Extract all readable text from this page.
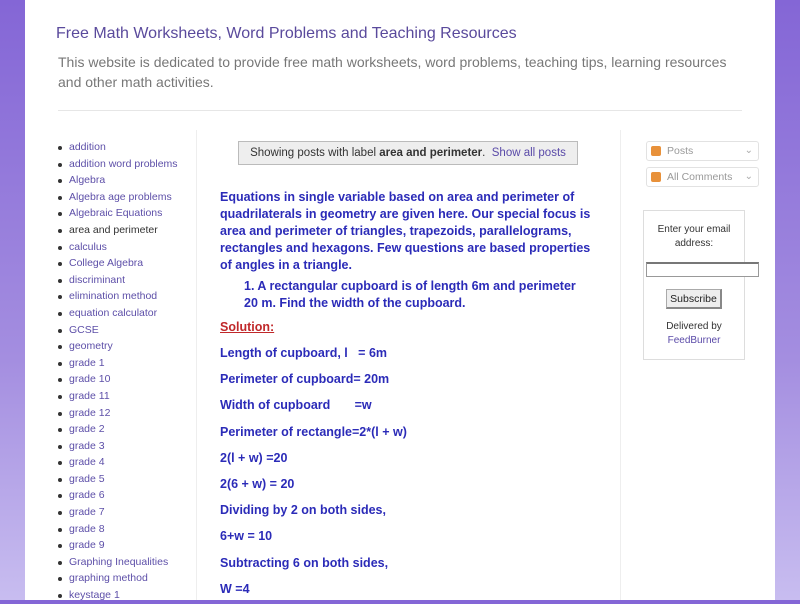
Free Math Worksheets, Word Problems and Teaching Resources
This website is dedicated to provide free math worksheets, word problems, teaching tips, learning resources and other math activities.
addition
addition word problems
Algebra
Algebra age problems
Algebraic Equations
area and perimeter
calculus
College Algebra
discriminant
elimination method
equation calculator
GCSE
geometry
grade 1
grade 10
grade 11
grade 12
grade 2
grade 3
grade 4
grade 5
grade 6
grade 7
grade 8
grade 9
Graphing Inequalities
graphing method
keystage 1
Showing posts with label area and perimeter. Show all posts
Equations in single variable based on area and perimeter of quadrilaterals in geometry are given here. Our special focus is area and perimeter of triangles, trapezoids, parallelograms, rectangles and hexagons. Few questions are based properties of angles in a triangle.
1. A rectangular cupboard is of length 6m and perimeter 20 m. Find the width of the cupboard.
Solution:
Length of cupboard, l   = 6m
Perimeter of cupboard= 20m
Width of cupboard       =w
Perimeter of rectangle=2*(l + w)
2(l + w) =20
2(6 + w) = 20
Dividing by 2 on both sides,
6+w = 10
Subtracting 6 on both sides,
W =4
Posts	⌄
All Comments ⌄
Enter your email address:
Subscribe
Delivered by
FeedBurner
